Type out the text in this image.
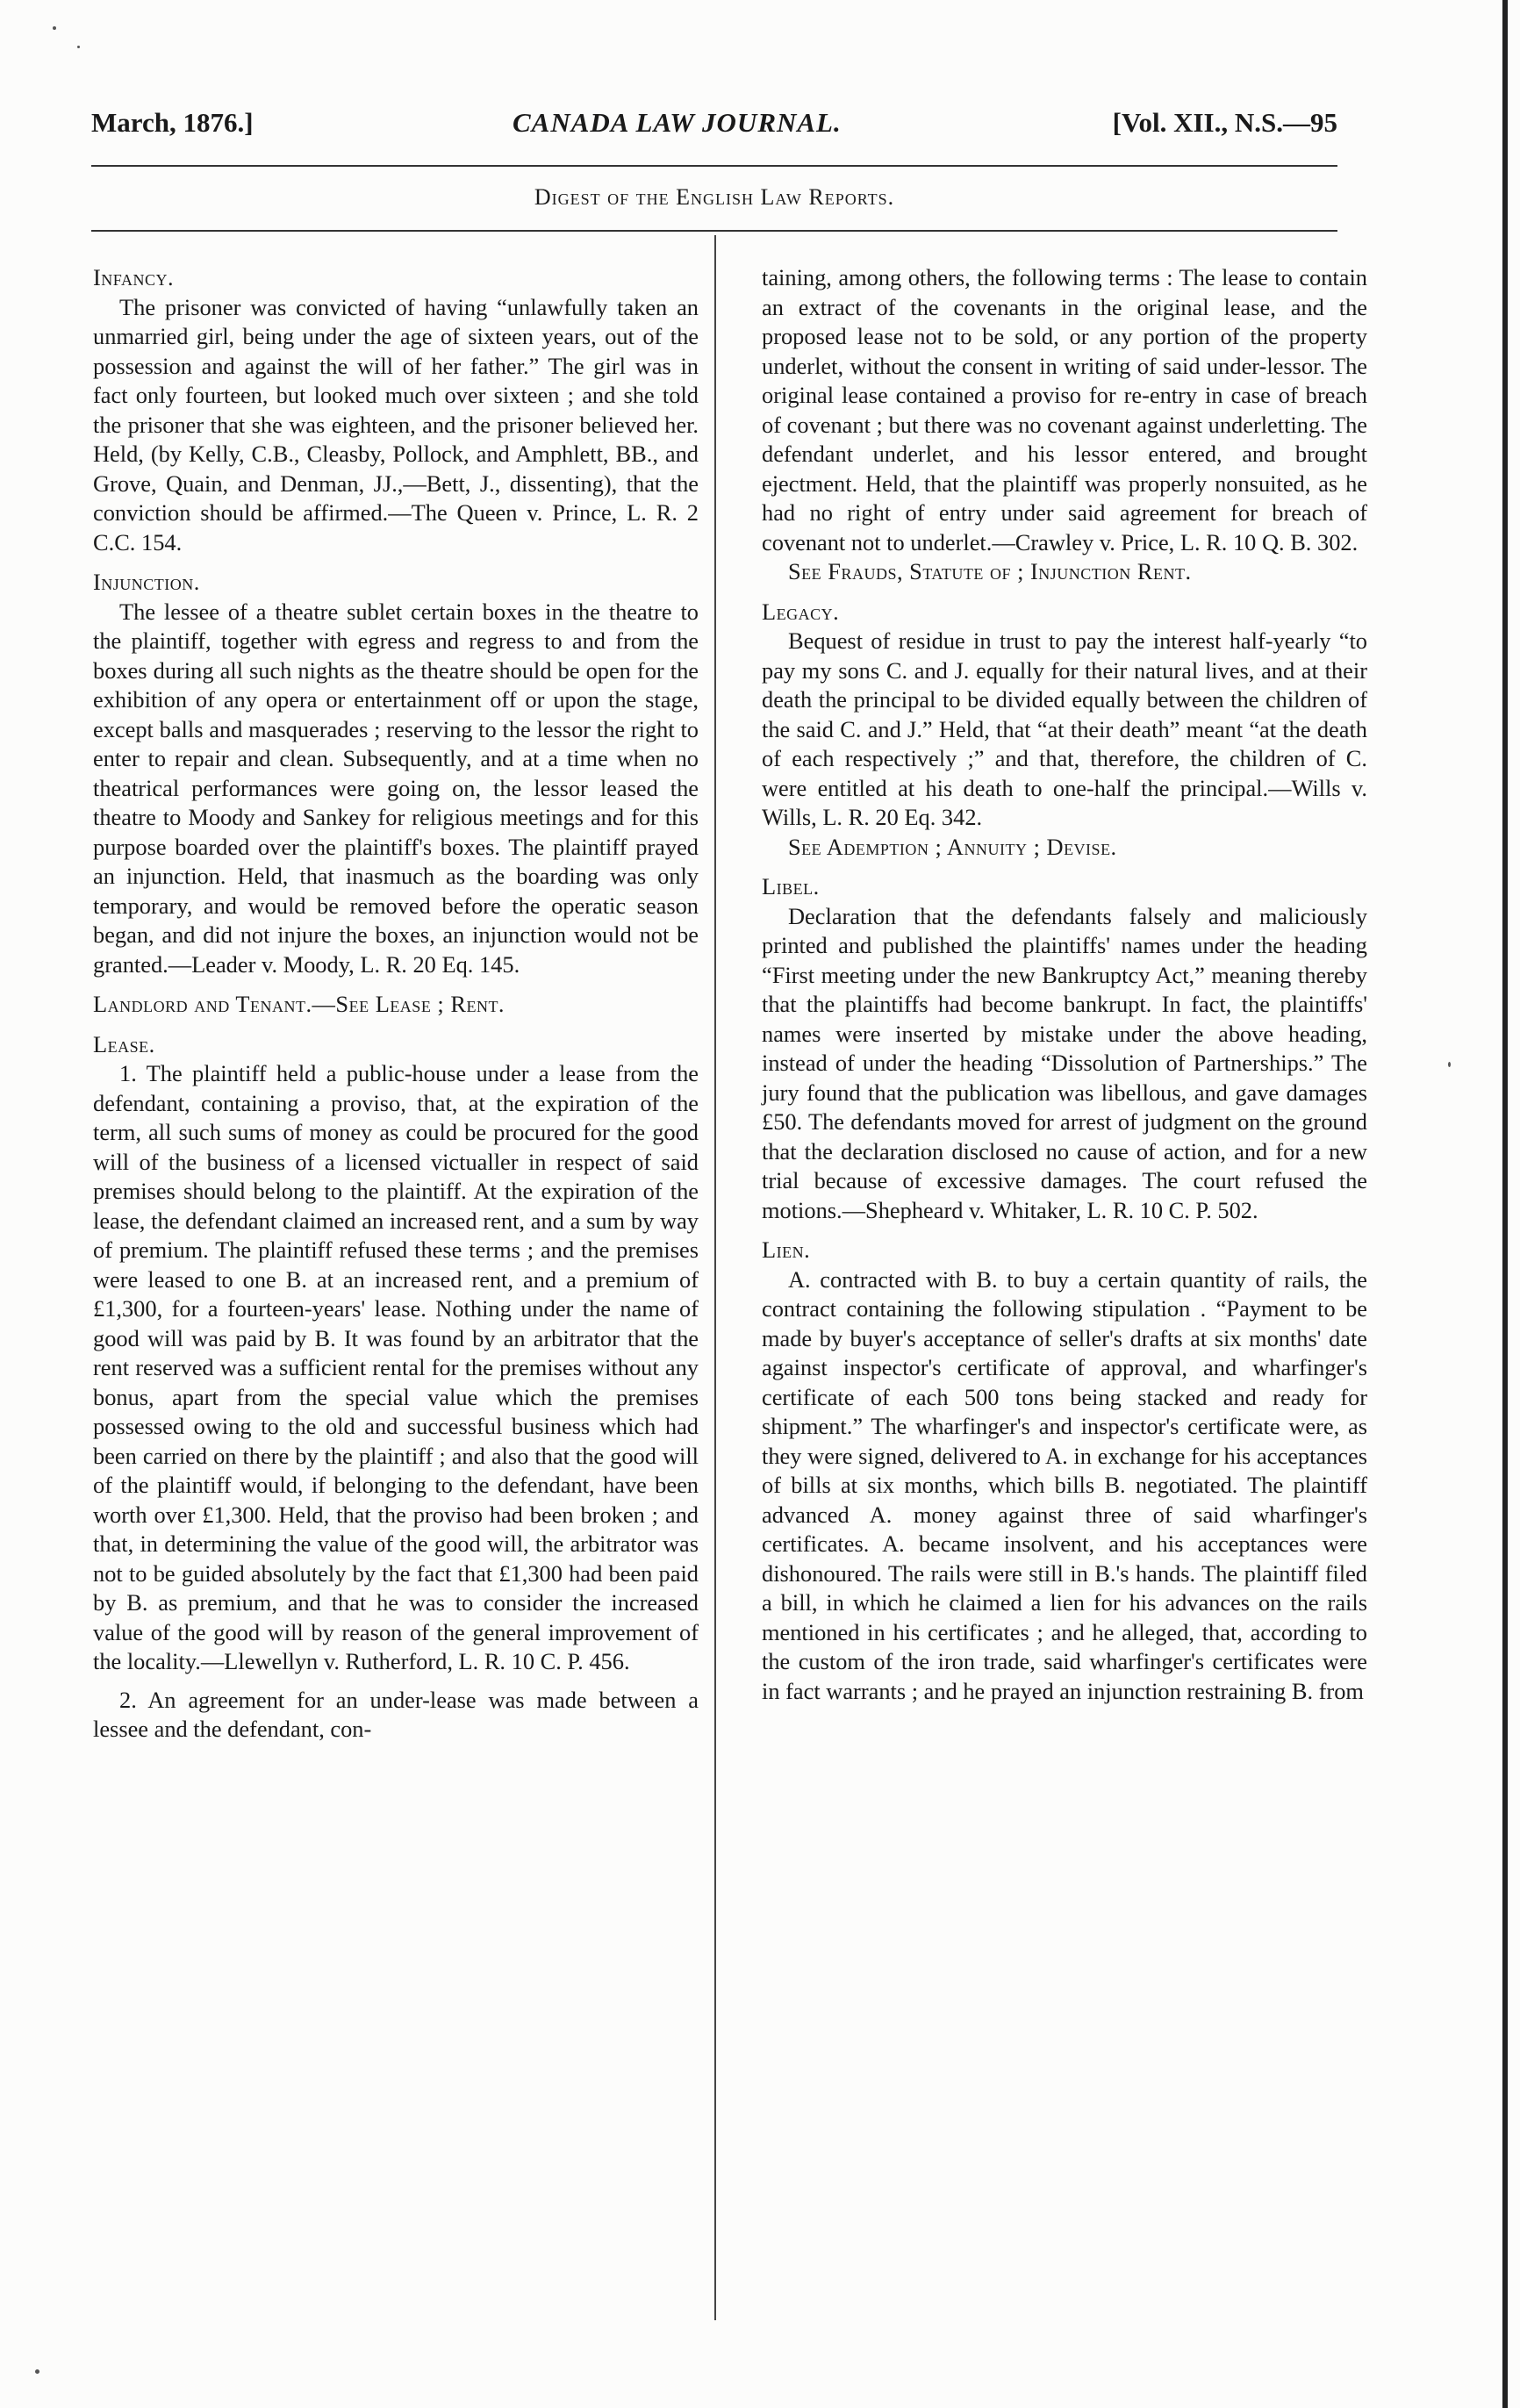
March, 1876.]	CANADA LAW JOURNAL.	[Vol. XII., N.S.—95
Digest of the English Law Reports.

Infancy.

The prisoner was convicted of having “unlawfully taken an unmarried girl, being under the age of sixteen years, out of the possession and against the will of her father.” The girl was in fact only fourteen, but looked much over sixteen ; and she told the prisoner that she was eighteen, and the prisoner believed her. Held, (by Kelly, C.B., Cleasby, Pollock, and Amphlett, BB., and Grove, Quain, and Denman, JJ.,—Bett, J., dissenting), that the conviction should be affirmed.—The Queen v. Prince, L. R. 2 C.C. 154.

Injunction.

The lessee of a theatre sublet certain boxes in the theatre to the plaintiff, together with egress and regress to and from the boxes during all such nights as the theatre should be open for the exhibition of any opera or entertainment off or upon the stage, except balls and masquerades ; reserving to the lessor the right to enter to repair and clean. Subsequently, and at a time when no theatrical performances were going on, the lessor leased the theatre to Moody and Sankey for religious meetings and for this purpose boarded over the plaintiff's boxes. The plaintiff prayed an injunction. Held, that inasmuch as the boarding was only temporary, and would be removed before the operatic season began, and did not injure the boxes, an injunction would not be granted.—Leader v. Moody, L. R. 20 Eq. 145.

Landlord and Tenant.—See Lease ; Rent.

Lease.

1. The plaintiff held a public-house under a lease from the defendant, containing a proviso, that, at the expiration of the term, all such sums of money as could be procured for the good will of the business of a licensed victualler in respect of said premises should belong to the plaintiff. At the expiration of the lease, the defendant claimed an increased rent, and a sum by way of premium. The plaintiff refused these terms ; and the premises were leased to one B. at an increased rent, and a premium of £1,300, for a fourteen-years' lease. Nothing under the name of good will was paid by B. It was found by an arbitrator that the rent reserved was a sufficient rental for the premises without any bonus, apart from the special value which the premises possessed owing to the old and successful business which had been carried on there by the plaintiff ; and also that the good will of the plaintiff would, if belonging to the defendant, have been worth over £1,300. Held, that the proviso had been broken ; and that, in determining the value of the good will, the arbitrator was not to be guided absolutely by the fact that £1,300 had been paid by B. as premium, and that he was to consider the increased value of the good will by reason of the general improvement of the locality.—Llewellyn v. Rutherford, L. R. 10 C. P. 456.

2. An agreement for an under-lease was made between a lessee and the defendant, con-

taining, among others, the following terms : The lease to contain an extract of the covenants in the original lease, and the proposed lease not to be sold, or any portion of the property underlet, without the consent in writing of said under-lessor. The original lease contained a proviso for re-entry in case of breach of covenant ; but there was no covenant against underletting. The defendant underlet, and his lessor entered, and brought ejectment. Held, that the plaintiff was properly nonsuited, as he had no right of entry under said agreement for breach of covenant not to underlet.—Crawley v. Price, L. R. 10 Q. B. 302.

See Frauds, Statute of ; Injunction Rent.

Legacy.

Bequest of residue in trust to pay the interest half-yearly “to pay my sons C. and J. equally for their natural lives, and at their death the principal to be divided equally between the children of the said C. and J.” Held, that “at their death” meant “at the death of each respectively ;” and that, therefore, the children of C. were entitled at his death to one-half the principal.—Wills v. Wills, L. R. 20 Eq. 342.

See Ademption ; Annuity ; Devise.

Libel.

Declaration that the defendants falsely and maliciously printed and published the plaintiffs' names under the heading “First meeting under the new Bankruptcy Act,” meaning thereby that the plaintiffs had become bankrupt. In fact, the plaintiffs' names were inserted by mistake under the above heading, instead of under the heading “Dissolution of Partnerships.” The jury found that the publication was libellous, and gave damages £50. The defendants moved for arrest of judgment on the ground that the declaration disclosed no cause of action, and for a new trial because of excessive damages. The court refused the motions.—Shepheard v. Whitaker, L. R. 10 C. P. 502.

Lien.

A. contracted with B. to buy a certain quantity of rails, the contract containing the following stipulation . “Payment to be made by buyer's acceptance of seller's drafts at six months' date against inspector's certificate of approval, and wharfinger's certificate of each 500 tons being stacked and ready for shipment.” The wharfinger's and inspector's certificate were, as they were signed, delivered to A. in exchange for his acceptances of bills at six months, which bills B. negotiated. The plaintiff advanced A. money against three of said wharfinger's certificates. A. became insolvent, and his acceptances were dishonoured. The rails were still in B.'s hands. The plaintiff filed a bill, in which he claimed a lien for his advances on the rails mentioned in his certificates ; and he alleged, that, according to the custom of the iron trade, said wharfinger's certificates were in fact warrants ; and he prayed an injunction restraining B. from
